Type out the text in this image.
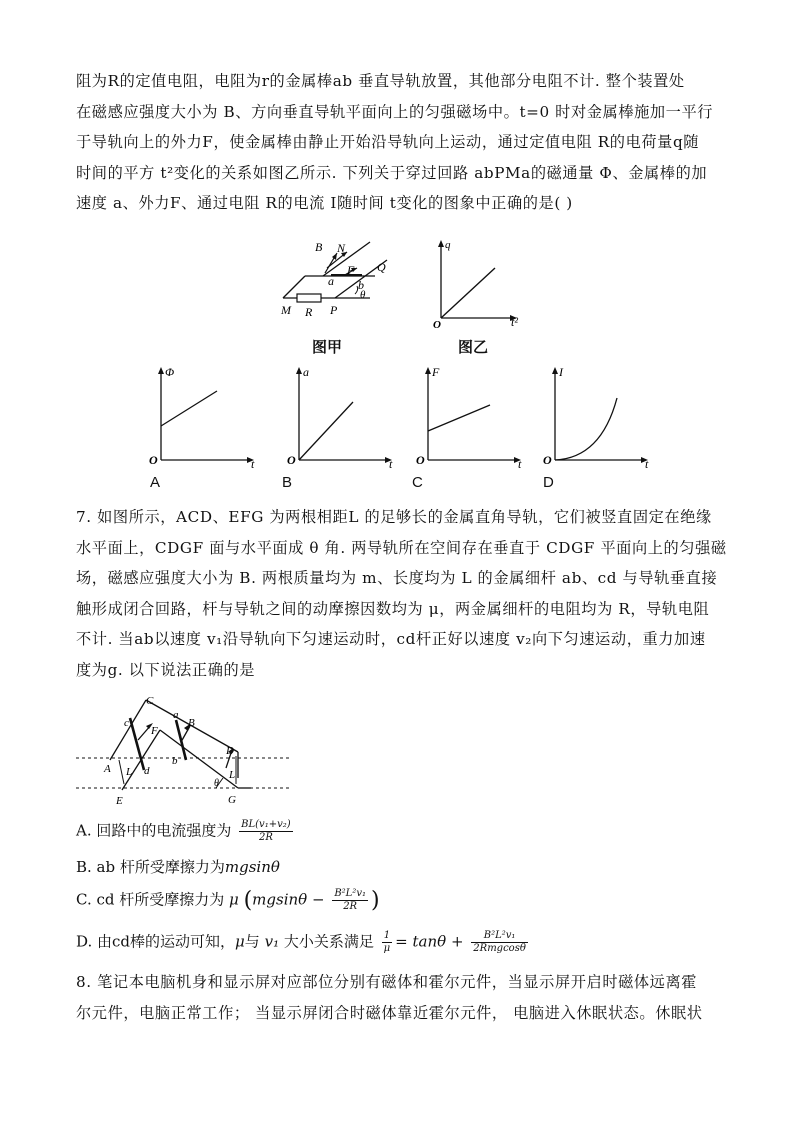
阻为R的定值电阻，电阻为r的金属棒ab 垂直导轨放置，其他部分电阻不计. 整个装置处
在磁感应强度大小为 B、方向垂直导轨平面向上的匀强磁场中。t=0 时对金属棒施加一平行
于导轨向上的外力F，使金属棒由静止开始沿导轨向上运动，通过定值电阻 R的电荷量q随
时间的平方 t²变化的关系如图乙所示. 下列关于穿过回路 abPMa的磁通量 Φ、金属棒的加
速度 a、外力F、通过电阻 R的电流 I随时间 t变化的图象中正确的是( )
B N
F Q
a b
θ
M R P
图甲
q
O	t²
图乙
Φ
O	t
A
a
O	t
B
F
O	t
C
I
O	t
D
7. 如图所示，ACD、EFG 为两根相距L 的足够长的金属直角导轨，它们被竖直固定在绝缘
水平面上，CDGF 面与水平面成 θ 角. 两导轨所在空间存在垂直于 CDGF 平面向上的匀强磁
场，磁感应强度大小为 B. 两根质量均为 m、长度均为 L 的金属细杆 ab、cd 与导轨垂直接
触形成闭合回路，杆与导轨之间的动摩擦因数均为 μ，两金属细杆的电阻均为 R，导轨电阻
不计. 当ab以速度 v₁沿导轨向下匀速运动时，cd杆正好以速度 v₂向下匀速运动，重力加速
度为g. 以下说法正确的是
C
c
a
B
F
A L d
b
D
L
E
θ
G
A. 回路中的电流强度为 $\frac{\text{BL(v₁+v₂)}}{2R}$
B. ab 杆所受摩擦力为mgsinθ
C. cd 杆所受摩擦力为 μ ($mgsin\theta - \frac{\text{B²L²v₁}}{2R}$ )
D. 由cd棒的运动可知，μ与 v₁ 大小关系满足 $\frac{1}{\mu} = \tan\theta + \frac{\text{B²L²v₁}}{\text{2Rmgcosθ}}$
8. 笔记本电脑机身和显示屏对应部位分别有磁体和霍尔元件，当显示屏开启时磁体远离霍
尔元件，电脑正常工作； 当显示屏闭合时磁体靠近霍尔元件， 电脑进入休眠状态。休眠状
